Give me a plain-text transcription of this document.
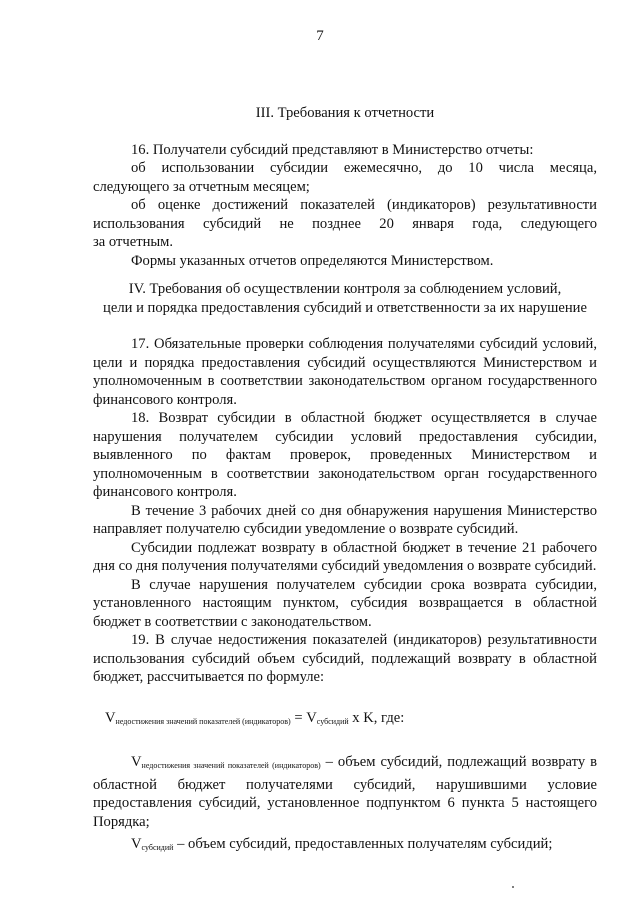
7

III. Требования к отчетности

16. Получатели субсидий представляют в Министерство отчеты:

об использовании субсидии ежемесячно, до 10 числа месяца,

следующего за отчетным месяцем;

об оценке достижений показателей (индикаторов) результативности

использования субсидий не позднее 20 января года, следующего

за отчетным.

Формы указанных отчетов определяются Министерством.

IV. Требования об осуществлении контроля за соблюдением условий,

цели и порядка предоставления субсидий и ответственности за их нарушение

17. Обязательные проверки соблюдения получателями субсидий условий, цели и порядка предоставления субсидий осуществляются Министерством и уполномоченным в соответствии законодательством органом государственного финансового контроля.

18. Возврат субсидии в областной бюджет осуществляется в случае нарушения получателем субсидии условий предоставления субсидии, выявленного по фактам проверок, проведенных Министерством и уполномоченным в соответствии законодательством орган государственного финансового контроля.

В течение 3 рабочих дней со дня обнаружения нарушения Министерство направляет получателю субсидии уведомление о возврате субсидий.

Субсидии подлежат возврату в областной бюджет в течение 21 рабочего дня со дня получения получателями субсидий уведомления о возврате субсидий.

В случае нарушения получателем субсидии срока возврата субсидии, установленного настоящим пунктом, субсидия возвращается в областной бюджет в соответствии с законодательством.

19. В случае недостижения показателей (индикаторов) результативности использования субсидий объем субсидий, подлежащий возврату в областной бюджет, рассчитывается по формуле:

$V_{недостижения значений показателей (индикаторов)} = V_{субсидий}$ x K, где:

$V_{недостижения значений показателей (индикаторов)}$ – объем субсидий, подлежащий возврату в областной бюджет получателями субсидий, нарушившими условие предоставления субсидий, установленное подпунктом 6 пункта 5 настоящего Порядка;

$V_{субсидий}$ – объем субсидий, предоставленных получателям субсидий;
